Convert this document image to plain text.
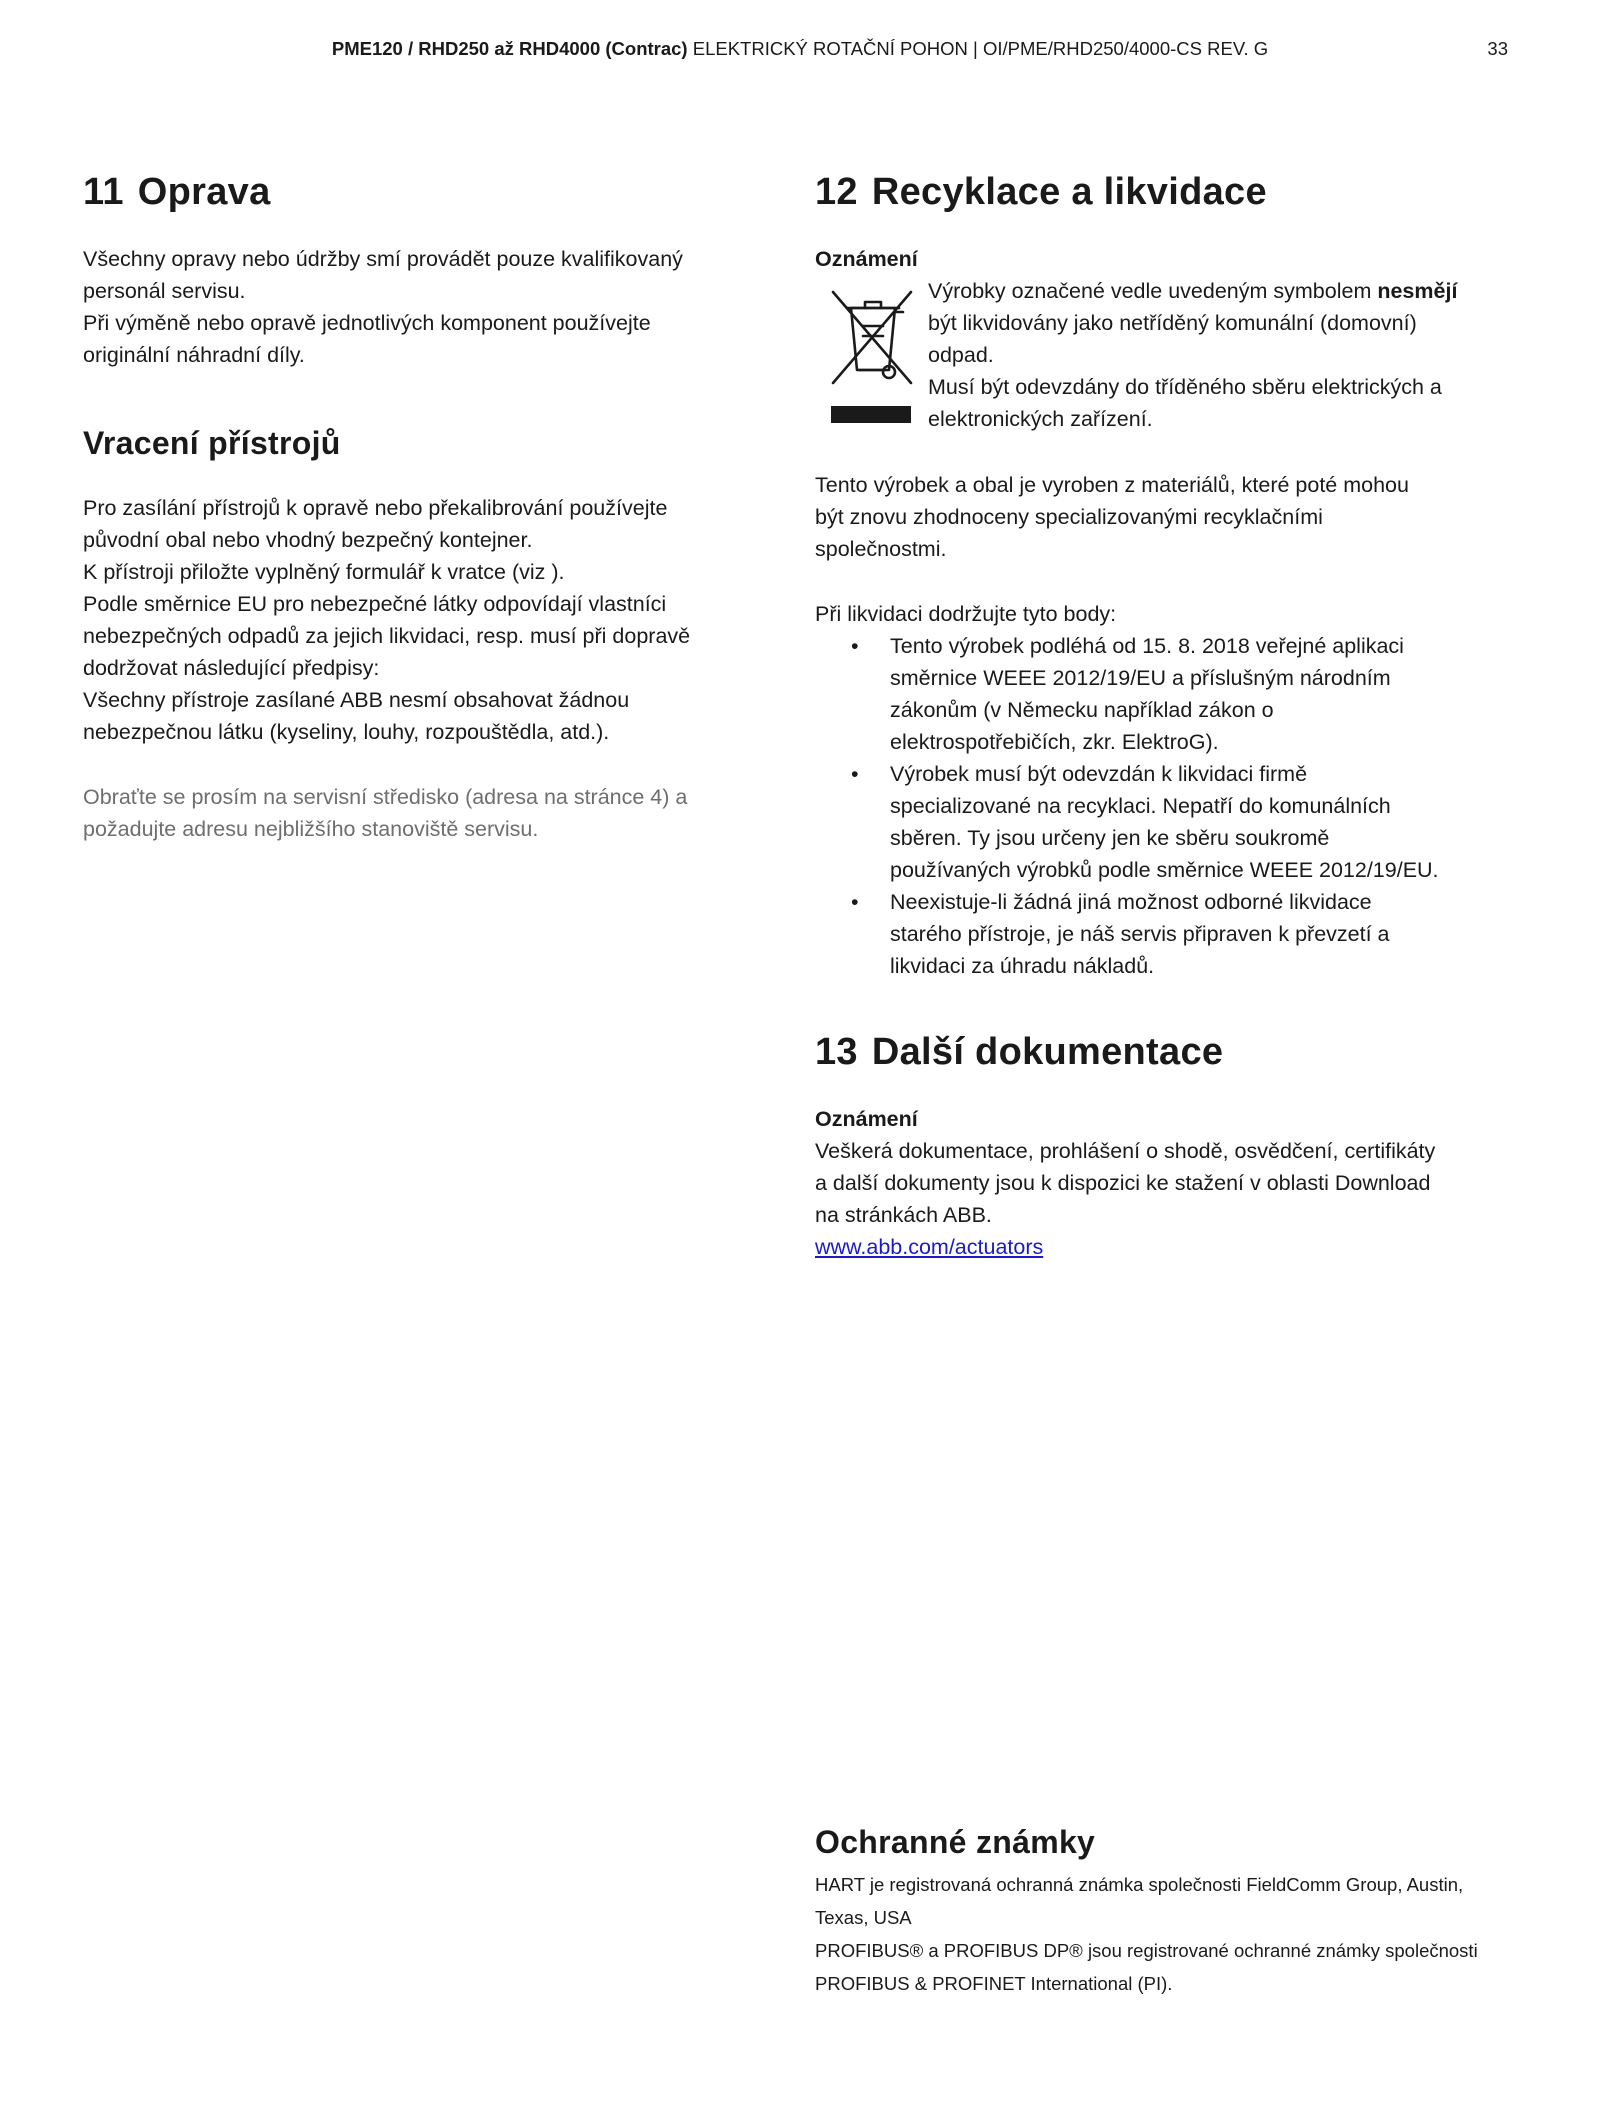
PME120 / RHD250 až RHD4000 (Contrac) ELEKTRICKÝ ROTAČNÍ POHON | OI/PME/RHD250/4000-CS REV. G	33
11 Oprava

Všechny opravy nebo údržby smí provádět pouze kvalifikovaný

personál servisu.

Při výměně nebo opravě jednotlivých komponent používejte

originální náhradní díly.

Vracení přístrojů

Pro zasílání přístrojů k opravě nebo překalibrování používejte

původní obal nebo vhodný bezpečný kontejner.

K přístroji přiložte vyplněný formulář k vratce (viz ).

Podle směrnice EU pro nebezpečné látky odpovídají vlastníci

nebezpečných odpadů za jejich likvidaci, resp. musí při dopravě

dodržovat následující předpisy:

Všechny přístroje zasílané ABB nesmí obsahovat žádnou

nebezpečnou látku (kyseliny, louhy, rozpouštědla, atd.).

Obraťte se prosím na servisní středisko (adresa na stránce 4) a

požadujte adresu nejbližšího stanoviště servisu.

12 Recyklace a likvidace
Oznámení

Výrobky označené vedle uvedeným symbolem nesmějí

být likvidovány jako netříděný komunální (domovní)

odpad.

Musí být odevzdány do tříděného sběru elektrických a

elektronických zařízení.

Tento výrobek a obal je vyroben z materiálů, které poté mohou

být znovu zhodnoceny specializovanými recyklačními

společnostmi.

Při likvidaci dodržujte tyto body:

• Tento výrobek podléhá od 15. 8. 2018 veřejné aplikaci

směrnice WEEE 2012/19/EU a příslušným národním

zákonům (v Německu například zákon o

elektrospotřebičích, zkr. ElektroG).

• Výrobek musí být odevzdán k likvidaci firmě

specializované na recyklaci. Nepatří do komunálních

sběren. Ty jsou určeny jen ke sběru soukromě

používaných výrobků podle směrnice WEEE 2012/19/EU.

• Neexistuje-li žádná jiná možnost odborné likvidace

starého přístroje, je náš servis připraven k převzetí a

likvidaci za úhradu nákladů.

13 Další dokumentace
Oznámení

Veškerá dokumentace, prohlášení o shodě, osvědčení, certifikáty

a další dokumenty jsou k dispozici ke stažení v oblasti Download

na stránkách ABB.

www.abb.com/actuators

Ochranné známky

HART je registrovaná ochranná známka společnosti FieldComm Group, Austin,

Texas, USA

PROFIBUS® a PROFIBUS DP® jsou registrované ochranné známky společnosti

PROFIBUS & PROFINET International (PI).
